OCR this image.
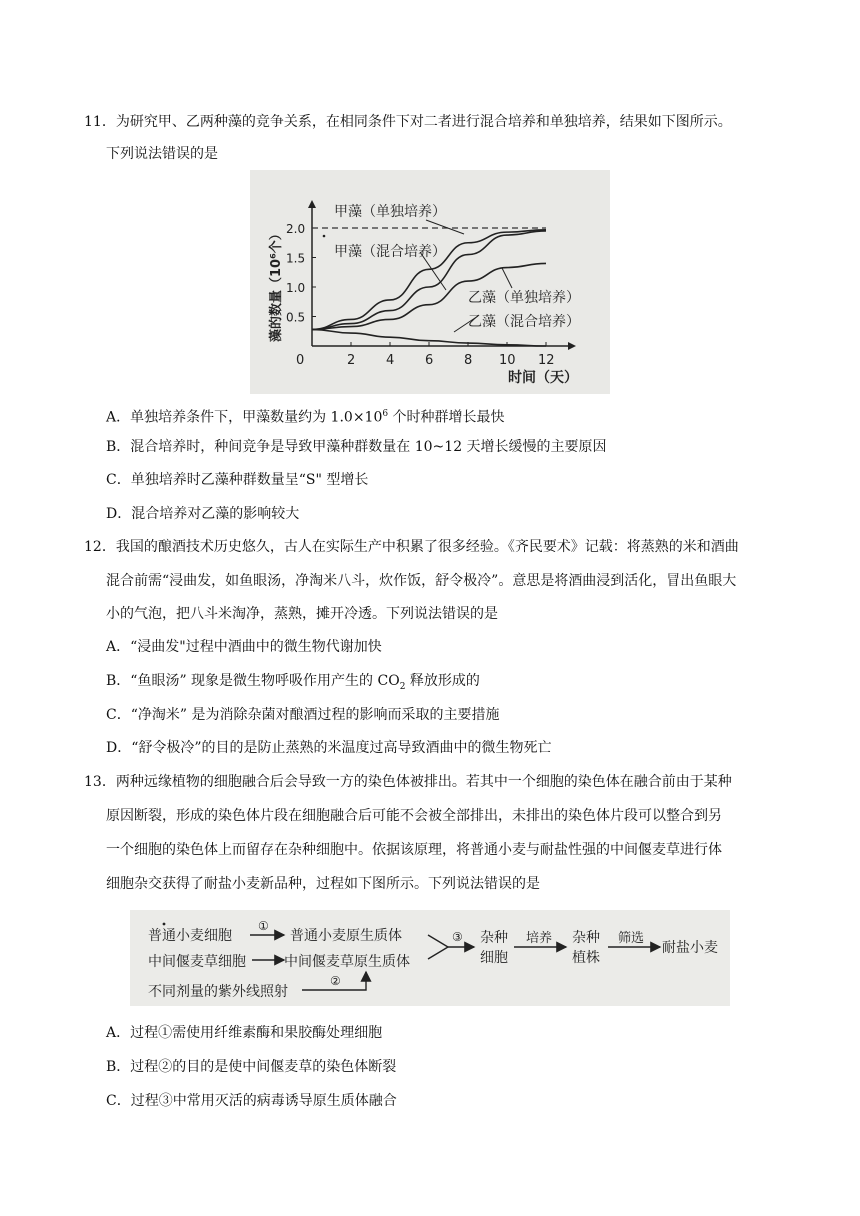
11．为研究甲、乙两种藻的竞争关系，在相同条件下对二者进行混合培养和单独培养，结果如下图所示。
下列说法错误的是
0	2 4 6 8 10 12
0.5
1.0
1.5
2.0
时间（天）
藻的数量（10⁶个）
甲藻（单独培养）
甲藻（混合培养）
乙藻（单独培养）
乙藻（混合培养）
A．单独培养条件下，甲藻数量约为 $1.0\times 10^6$ 个时种群增长最快
B．混合培养时，种间竞争是导致甲藻种群数量在 10~12 天增长缓慢的主要原因
C．单独培养时乙藻种群数量呈“S" 型增长
D．混合培养对乙藻的影响较大
12．我国的酿酒技术历史悠久，古人在实际生产中积累了很多经验。《齐民要术》记载：将蒸熟的米和酒曲
混合前需“浸曲发，如鱼眼汤，净淘米八斗，炊作饭，舒令极冷”。意思是将酒曲浸到活化，冒出鱼眼大
小的气泡，把八斗米淘净，蒸熟，摊开冷透。下列说法错误的是
A．“浸曲发"过程中酒曲中的微生物代谢加快
B．“鱼眼汤” 现象是微生物呼吸作用产生的 $CO_2$ 释放形成的
C．“净淘米” 是为消除杂菌对酿酒过程的影响而采取的主要措施
D．“舒令极冷”的目的是防止蒸熟的米温度过高导致酒曲中的微生物死亡
13．两种远缘植物的细胞融合后会导致一方的染色体被排出。若其中一个细胞的染色体在融合前由于某种
原因断裂，形成的染色体片段在细胞融合后可能不会被全部排出，未排出的染色体片段可以整合到另
一个细胞的染色体上而留存在杂种细胞中。依据该原理，将普通小麦与耐盐性强的中间偃麦草进行体
细胞杂交获得了耐盐小麦新品种，过程如下图所示。下列说法错误的是
普通小麦细胞
①
普通小麦原生质体
中间偃麦草细胞	中间偃麦草原生质体
不同剂量的紫外线照射
②
③ 杂种
细胞
培养 杂种
植株
筛选
耐盐小麦
A．过程①需使用纤维素酶和果胶酶处理细胞
B．过程②的目的是使中间偃麦草的染色体断裂
C．过程③中常用灭活的病毒诱导原生质体融合
